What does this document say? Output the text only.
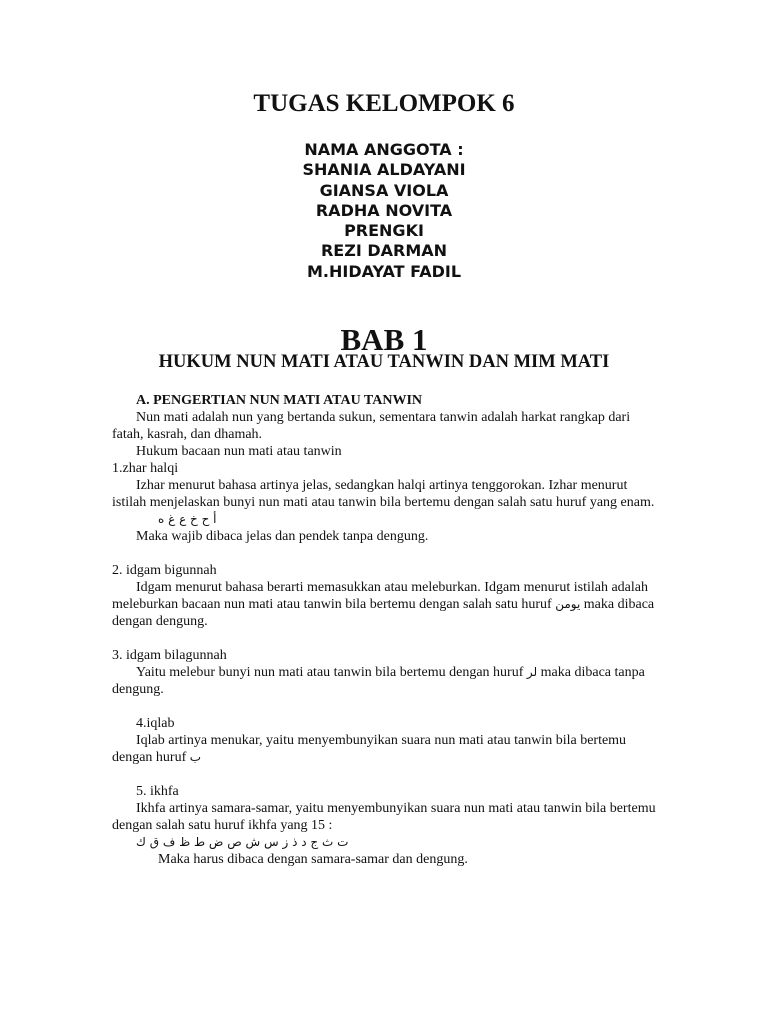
TUGAS KELOMPOK 6
NAMA ANGGOTA :
SHANIA ALDAYANI
GIANSA VIOLA
RADHA NOVITA
PRENGKI
REZI DARMAN
M.HIDAYAT FADIL
BAB 1
HUKUM NUN MATI ATAU TANWIN DAN MIM MATI

A. PENGERTIAN NUN MATI ATAU TANWIN

Nun mati adalah nun yang bertanda sukun, sementara tanwin adalah harkat rangkap dari fatah, kasrah, dan dhamah.

Hukum bacaan nun mati atau tanwin

1.zhar halqi

Izhar menurut bahasa artinya jelas, sedangkan halqi artinya tenggorokan. Izhar menurut istilah menjelaskan bunyi nun mati atau tanwin bila bertemu dengan salah satu huruf yang enam.

أ ح خ ع غ ه

Maka wajib dibaca jelas dan pendek tanpa dengung.

2. idgam bigunnah

Idgam menurut bahasa berarti memasukkan atau meleburkan. Idgam menurut istilah adalah meleburkan bacaan nun mati atau tanwin bila bertemu dengan salah satu huruf يومن maka dibaca dengan dengung.

3. idgam bilagunnah

Yaitu melebur bunyi nun mati atau tanwin bila bertemu dengan huruf لر maka dibaca tanpa dengung.

4.iqlab

Iqlab artinya menukar, yaitu menyembunyikan suara nun mati atau tanwin bila bertemu dengan huruf ب

5. ikhfa

Ikhfa artinya samara-samar, yaitu menyembunyikan suara nun mati atau tanwin bila bertemu dengan salah satu huruf ikhfa yang 15 :

ت ث ج د ذ ز س ش ص ض ط ظ ف ق ك

Maka harus dibaca dengan samara-samar dan dengung.
